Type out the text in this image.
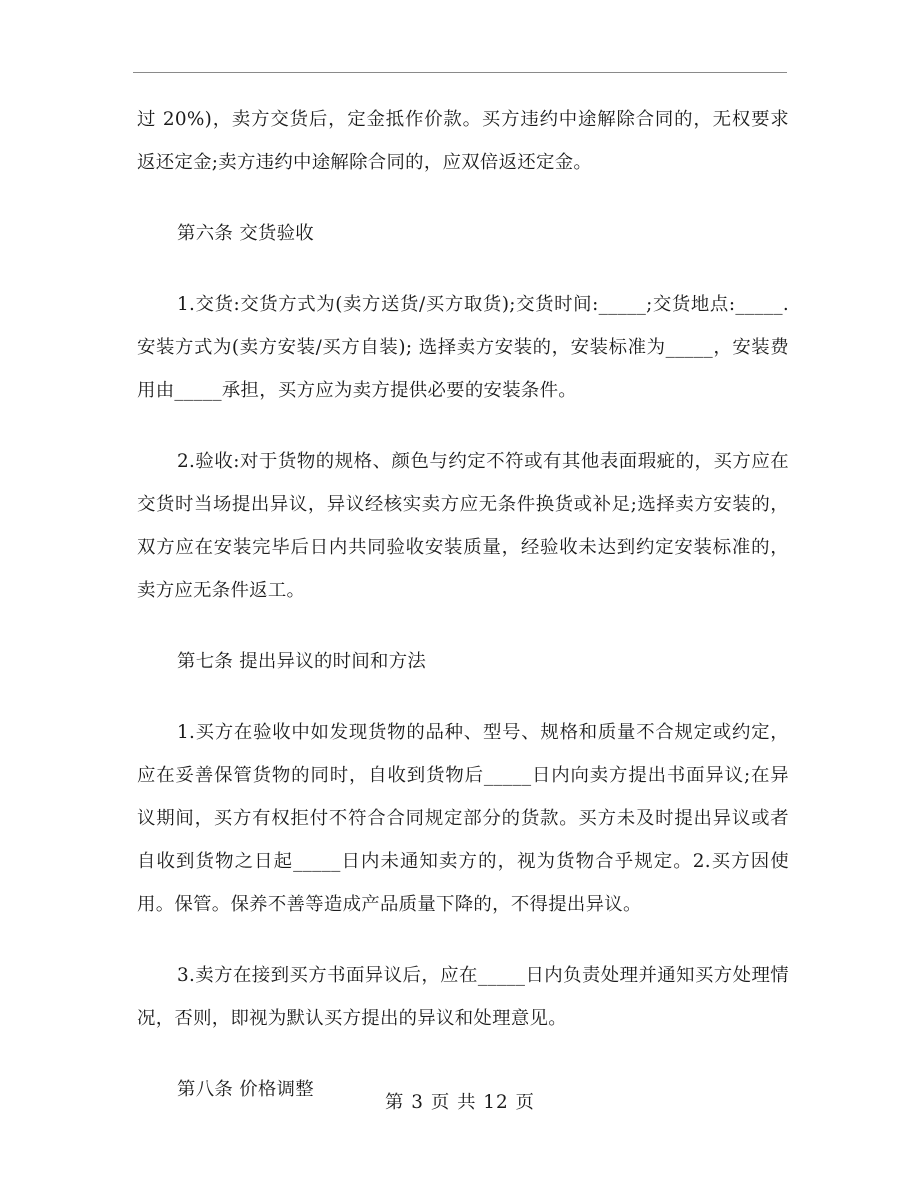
过 20%)，卖方交货后，定金抵作价款。买方违约中途解除合同的，无权要求返还定金;卖方违约中途解除合同的，应双倍返还定金。

第六条 交货验收

1.交货:交货方式为(卖方送货/买方取货);交货时间:_____;交货地点:_____.安装方式为(卖方安装/买方自装); 选择卖方安装的，安装标准为_____，安装费用由_____承担，买方应为卖方提供必要的安装条件。

2.验收:对于货物的规格、颜色与约定不符或有其他表面瑕疵的，买方应在交货时当场提出异议，异议经核实卖方应无条件换货或补足;选择卖方安装的，双方应在安装完毕后日内共同验收安装质量，经验收未达到约定安装标准的，卖方应无条件返工。

第七条 提出异议的时间和方法

1.买方在验收中如发现货物的品种、型号、规格和质量不合规定或约定，应在妥善保管货物的同时，自收到货物后_____日内向卖方提出书面异议;在异议期间，买方有权拒付不符合合同规定部分的货款。买方未及时提出异议或者自收到货物之日起_____日内未通知卖方的，视为货物合乎规定。2.买方因使用。保管。保养不善等造成产品质量下降的，不得提出异议。

3.卖方在接到买方书面异议后，应在_____日内负责处理并通知买方处理情况，否则，即视为默认买方提出的异议和处理意见。

第八条 价格调整

第 3 页 共 12 页
